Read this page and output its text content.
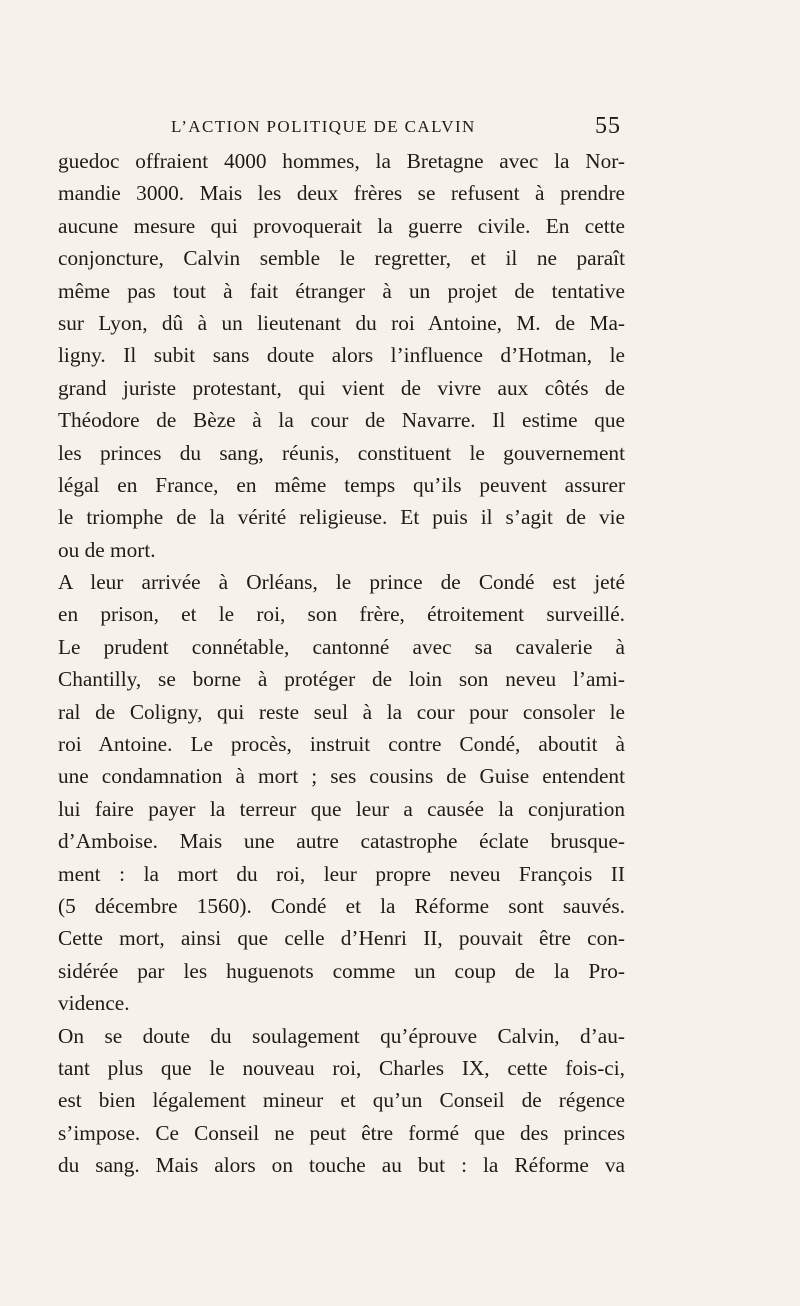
L’ACTION POLITIQUE DE CALVIN	55
guedoc offraient 4000 hommes, la Bretagne avec la Nor-
mandie 3000. Mais les deux frères se refusent à prendre
aucune mesure qui provoquerait la guerre civile. En cette
conjoncture, Calvin semble le regretter, et il ne paraît
même pas tout à fait étranger à un projet de tentative
sur Lyon, dû à un lieutenant du roi Antoine, M. de Ma-
ligny. Il subit sans doute alors l’influence d’Hotman, le
grand juriste protestant, qui vient de vivre aux côtés de
Théodore de Bèze à la cour de Navarre. Il estime que
les princes du sang, réunis, constituent le gouvernement
légal en France, en même temps qu’ils peuvent assurer
le triomphe de la vérité religieuse. Et puis il s’agit de vie
ou de mort.
A leur arrivée à Orléans, le prince de Condé est jeté
en prison, et le roi, son frère, étroitement surveillé.
Le prudent connétable, cantonné avec sa cavalerie à
Chantilly, se borne à protéger de loin son neveu l’ami-
ral de Coligny, qui reste seul à la cour pour consoler le
roi Antoine. Le procès, instruit contre Condé, aboutit à
une condamnation à mort ; ses cousins de Guise entendent
lui faire payer la terreur que leur a causée la conjuration
d’Amboise. Mais une autre catastrophe éclate brusque-
ment : la mort du roi, leur propre neveu François II
(5 décembre 1560). Condé et la Réforme sont sauvés.
Cette mort, ainsi que celle d’Henri II, pouvait être con-
sidérée par les huguenots comme un coup de la Pro-
vidence.
On se doute du soulagement qu’éprouve Calvin, d’au-
tant plus que le nouveau roi, Charles IX, cette fois-ci,
est bien légalement mineur et qu’un Conseil de régence
s’impose. Ce Conseil ne peut être formé que des princes
du sang. Mais alors on touche au but : la Réforme va
